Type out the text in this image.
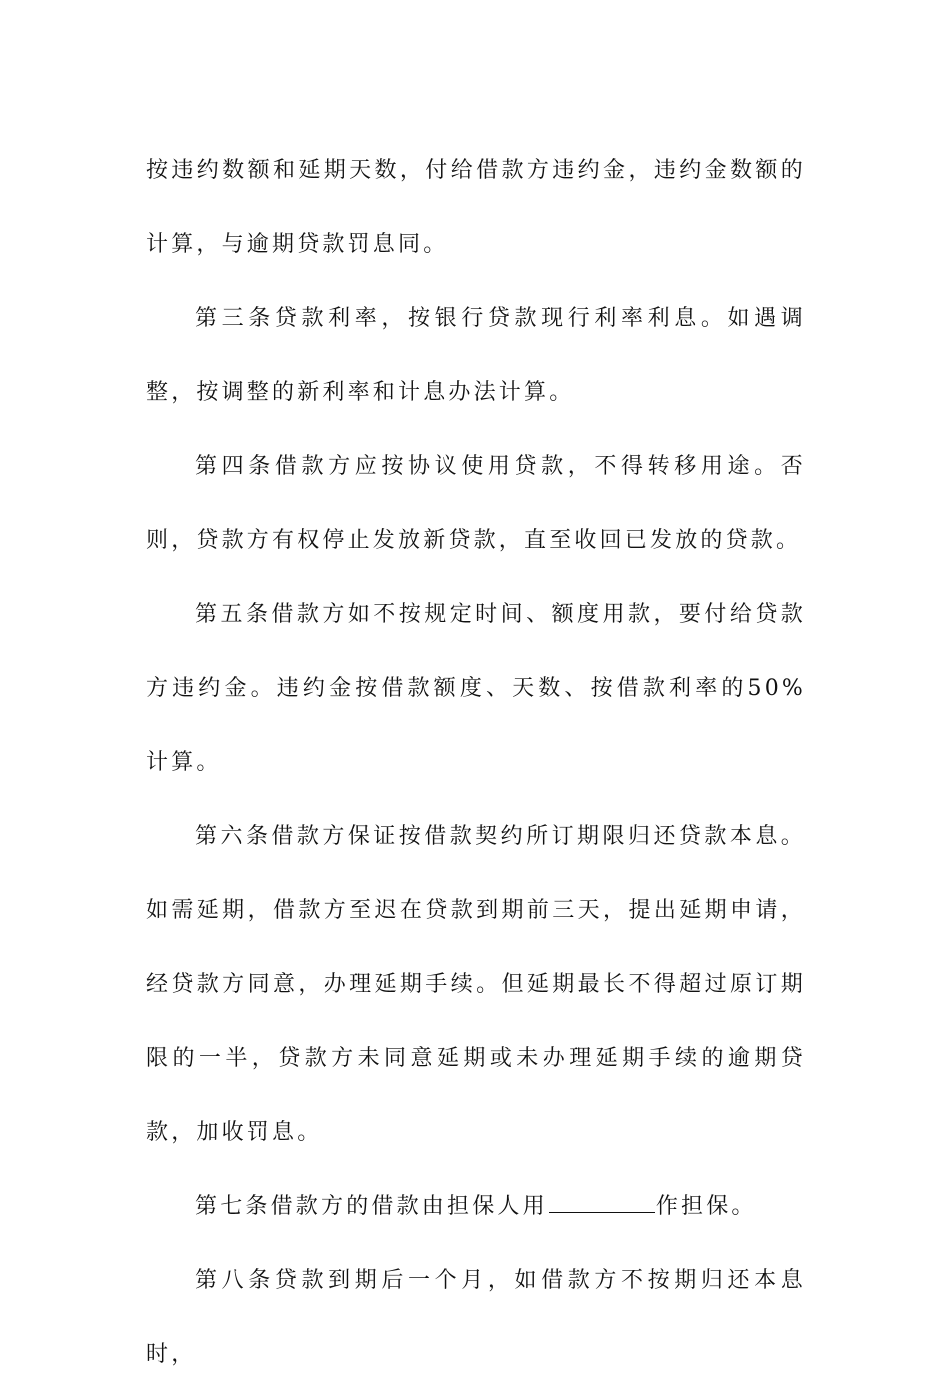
按违约数额和延期天数，付给借款方违约金，违约金数额的计算，与逾期贷款罚息同。

第三条贷款利率，按银行贷款现行利率利息。如遇调整，按调整的新利率和计息办法计算。

第四条借款方应按协议使用贷款，不得转移用途。否则，贷款方有权停止发放新贷款，直至收回已发放的贷款。

第五条借款方如不按规定时间、额度用款，要付给贷款方违约金。违约金按借款额度、天数、按借款利率的50%计算。

第六条借款方保证按借款契约所订期限归还贷款本息。如需延期，借款方至迟在贷款到期前三天，提出延期申请，经贷款方同意，办理延期手续。但延期最长不得超过原订期限的一半，贷款方未同意延期或未办理延期手续的逾期贷款，加收罚息。

第七条借款方的借款由担保人用	作担保。

第八条贷款到期后一个月，如借款方不按期归还本息时，
